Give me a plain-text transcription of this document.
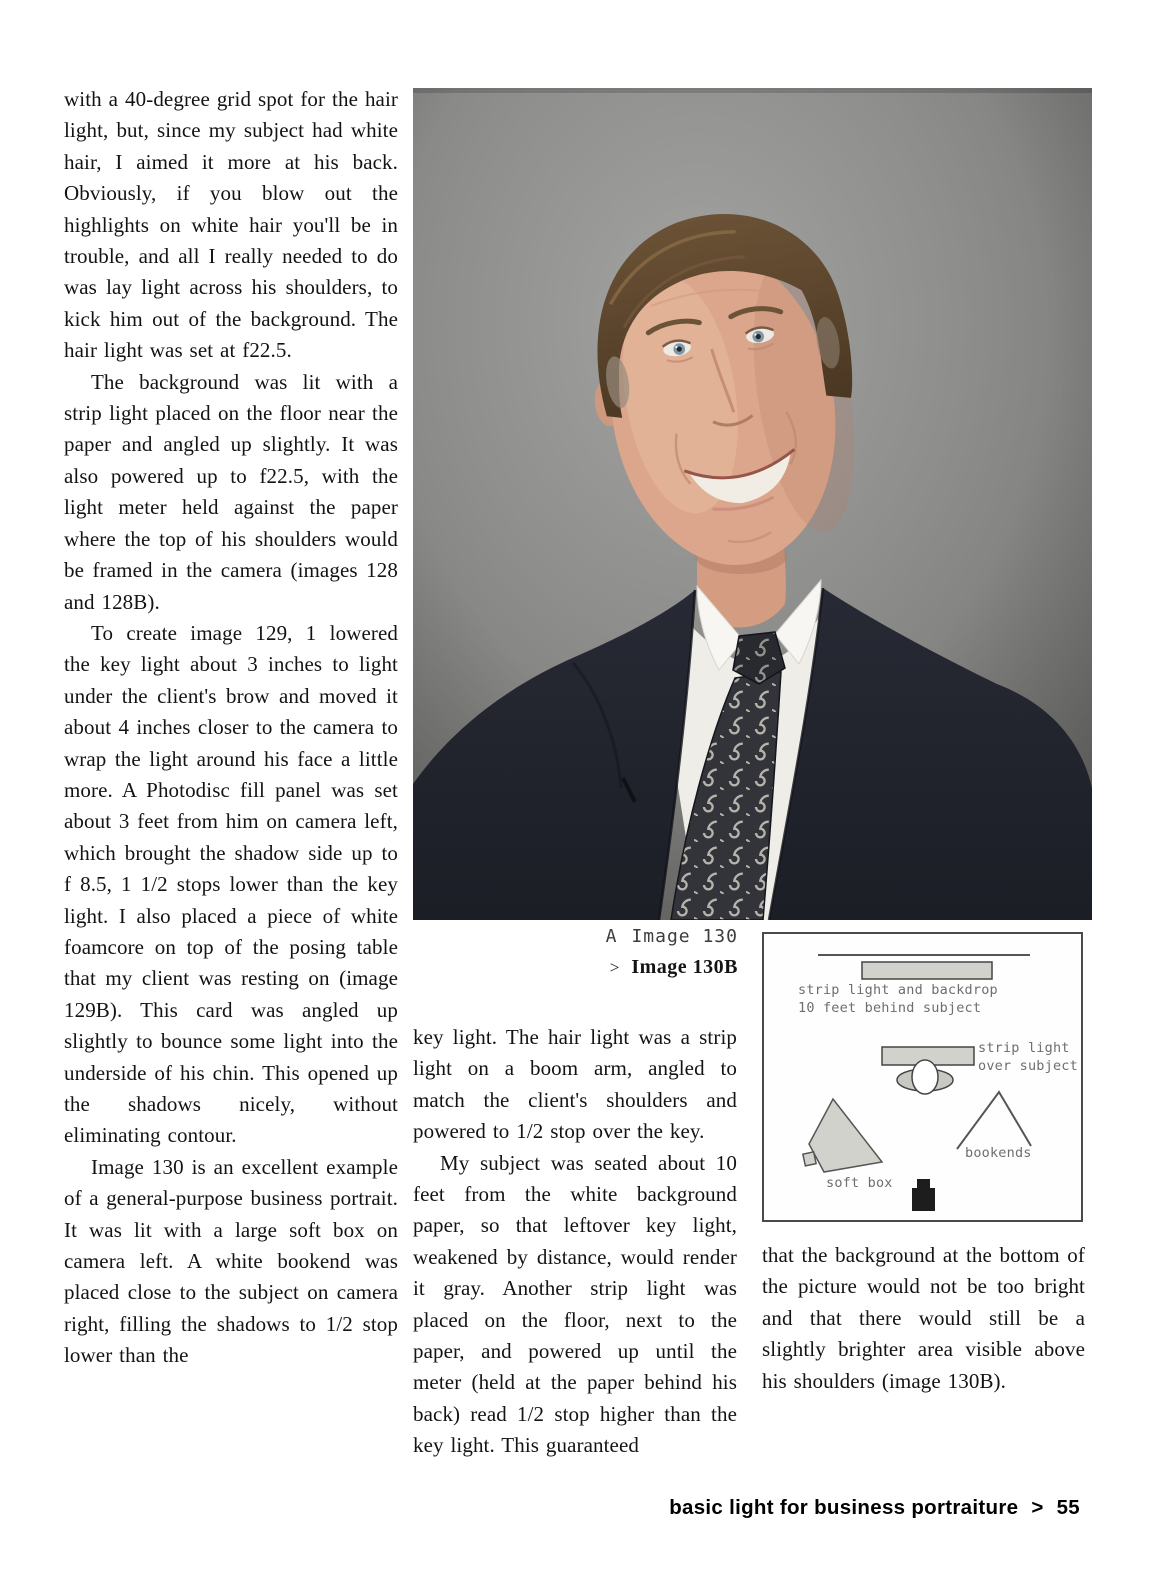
with a 40-degree grid spot for the hair light, but, since my subject had white hair, I aimed it more at his back. Obviously, if you blow out the highlights on white hair you'll be in trouble, and all I really needed to do was lay light across his shoulders, to kick him out of the background. The hair light was set at f22.5.

The background was lit with a strip light placed on the floor near the paper and angled up slightly. It was also powered up to f22.5, with the light meter held against the paper where the top of his shoulders would be framed in the camera (images 128 and 128B).

To create image 129, 1 lowered the key light about 3 inches to light under the client's brow and moved it about 4 inches closer to the camera to wrap the light around his face a little more. A Photodisc fill panel was set about 3 feet from him on camera left, which brought the shadow side up to f 8.5, 1 1/2 stops lower than the key light. I also placed a piece of white foamcore on top of the posing table that my client was resting on (image 129B). This card was angled up slightly to bounce some light into the underside of his chin. This opened up the shadows nicely, without eliminating contour.

Image 130 is an excellent example of a general-purpose business portrait. It was lit with a large soft box on camera left. A white bookend was placed close to the subject on camera right, filling the shadows to 1/2 stop lower than the

A Image 130
> Image 130B

key light. The hair light was a strip light on a boom arm, angled to match the client's shoulders and powered to 1/2 stop over the key.

My subject was seated about 10 feet from the white background paper, so that leftover key light, weakened by distance, would render it gray. Another strip light was placed on the floor, next to the paper, and powered up until the meter (held at the paper behind his back) read 1/2 stop higher than the key light. This guaranteed

strip light and backdrop
10 feet behind subject
strip light
over subject
soft box
bookends

that the background at the bottom of the picture would not be too bright and that there would still be a slightly brighter area visible above his shoulders (image 130B).

basic light for business portraiture > 55
